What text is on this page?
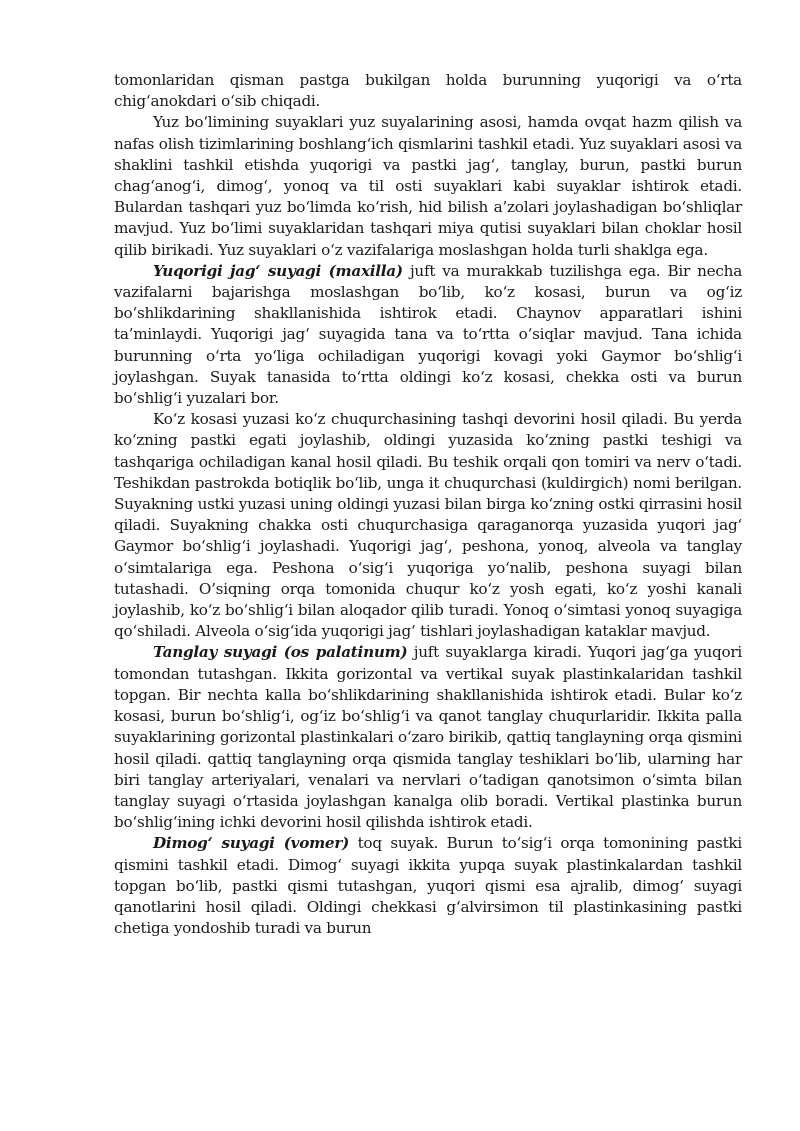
tomonlaridan qisman pastga bukilgan holda burunning yuqorigi va o‘rta chig‘anokdari o‘sib chiqadi.

Yuz bo‘limining suyaklari yuz suyalarining asosi, hamda ovqat hazm qilish va nafas olish tizimlarining boshlang‘ich qismlarini tashkil etadi. Yuz suyaklari asosi va shaklini tashkil etishda yuqorigi va pastki jag‘, tanglay, burun, pastki burun chag‘anog‘i, dimog‘, yonoq va til osti suyaklari kabi suyaklar ishtirok etadi. Bulardan tashqari yuz bo‘limda ko‘rish, hid bilish a’zolari joylashadigan bo‘shliqlar mavjud. Yuz bo‘limi suyaklaridan tashqari miya qutisi suyaklari bilan choklar hosil qilib birikadi. Yuz suyaklari o‘z vazifalariga moslashgan holda turli shaklga ega.

Yuqorigi jag‘ suyagi (maxilla) juft va murakkab tuzilishga ega. Bir necha vazifalarni bajarishga moslashgan bo‘lib, ko‘z kosasi, burun va og‘iz bo‘shlikdarining shakllanishida ishtirok etadi. Chaynov apparatlari ishini ta’minlaydi. Yuqorigi jag‘ suyagida tana va to‘rtta o‘siqlar mavjud. Tana ichida burunning o‘rta yo‘liga ochiladigan yuqorigi kovagi yoki Gaymor bo‘shlig‘i joylashgan. Suyak tanasida to‘rtta oldingi ko‘z kosasi, chekka osti va burun bo‘shlig‘i yuzalari bor.

Ko‘z kosasi yuzasi ko‘z chuqurchasining tashqi devorini hosil qiladi. Bu yerda ko‘zning pastki egati joylashib, oldingi yuzasida ko‘zning pastki teshigi va tashqariga ochiladigan kanal hosil qiladi. Bu teshik orqali qon tomiri va nerv o‘tadi. Teshikdan pastrokda botiqlik bo‘lib, unga it chuqurchasi (kuldirgich) nomi berilgan. Suyakning ustki yuzasi uning oldingi yuzasi bilan birga ko‘zning ostki qirrasini hosil qiladi. Suyakning chakka osti chuqurchasiga qaraganorqa yuzasida yuqori jag‘ Gaymor bo‘shlig‘i joylashadi. Yuqorigi jag‘, peshona, yonoq, alveola va tanglay o‘simtalariga ega. Peshona o‘sig‘i yuqoriga yo‘nalib, peshona suyagi bilan tutashadi. O’siqning orqa tomonida chuqur ko‘z yosh egati, ko‘z yoshi kanali joylashib, ko‘z bo‘shlig‘i bilan aloqador qilib turadi. Yonoq o‘simtasi yonoq suyagiga qo‘shiladi. Alveola o‘sig‘ida yuqorigi jag‘ tishlari joylashadigan kataklar mavjud.

Tanglay suyagi (os palatinum) juft suyaklarga kiradi. Yuqori jag‘ga yuqori tomondan tutashgan. Ikkita gorizontal va vertikal suyak plastinkalaridan tashkil topgan. Bir nechta kalla bo‘shlikdarining shakllanishida ishtirok etadi. Bular ko‘z kosasi, burun bo‘shlig‘i, og‘iz bo‘shlig‘i va qanot tanglay chuqurlaridir. Ikkita palla suyaklarining gorizontal plastinkalari o‘zaro birikib, qattiq tanglayning orqa qismini hosil qiladi. qattiq tanglayning orqa qismida tanglay teshiklari bo‘lib, ularning har biri tanglay arteriyalari, venalari va nervlari o‘tadigan qanotsimon o‘simta bilan tanglay suyagi o‘rtasida joylashgan kanalga olib boradi. Vertikal plastinka burun bo‘shlig‘ining ichki devorini hosil qilishda ishtirok etadi.

Dimog‘ suyagi (vomer) toq suyak. Burun to‘sig‘i orqa tomonining pastki qismini tashkil etadi. Dimog‘ suyagi ikkita yupqa suyak plastinkalardan tashkil topgan bo‘lib, pastki qismi tutashgan, yuqori qismi esa ajralib, dimog‘ suyagi qanotlarini hosil qiladi. Oldingi chekkasi g‘alvirsimon til plastinkasining pastki chetiga yondoshib turadi va burun
